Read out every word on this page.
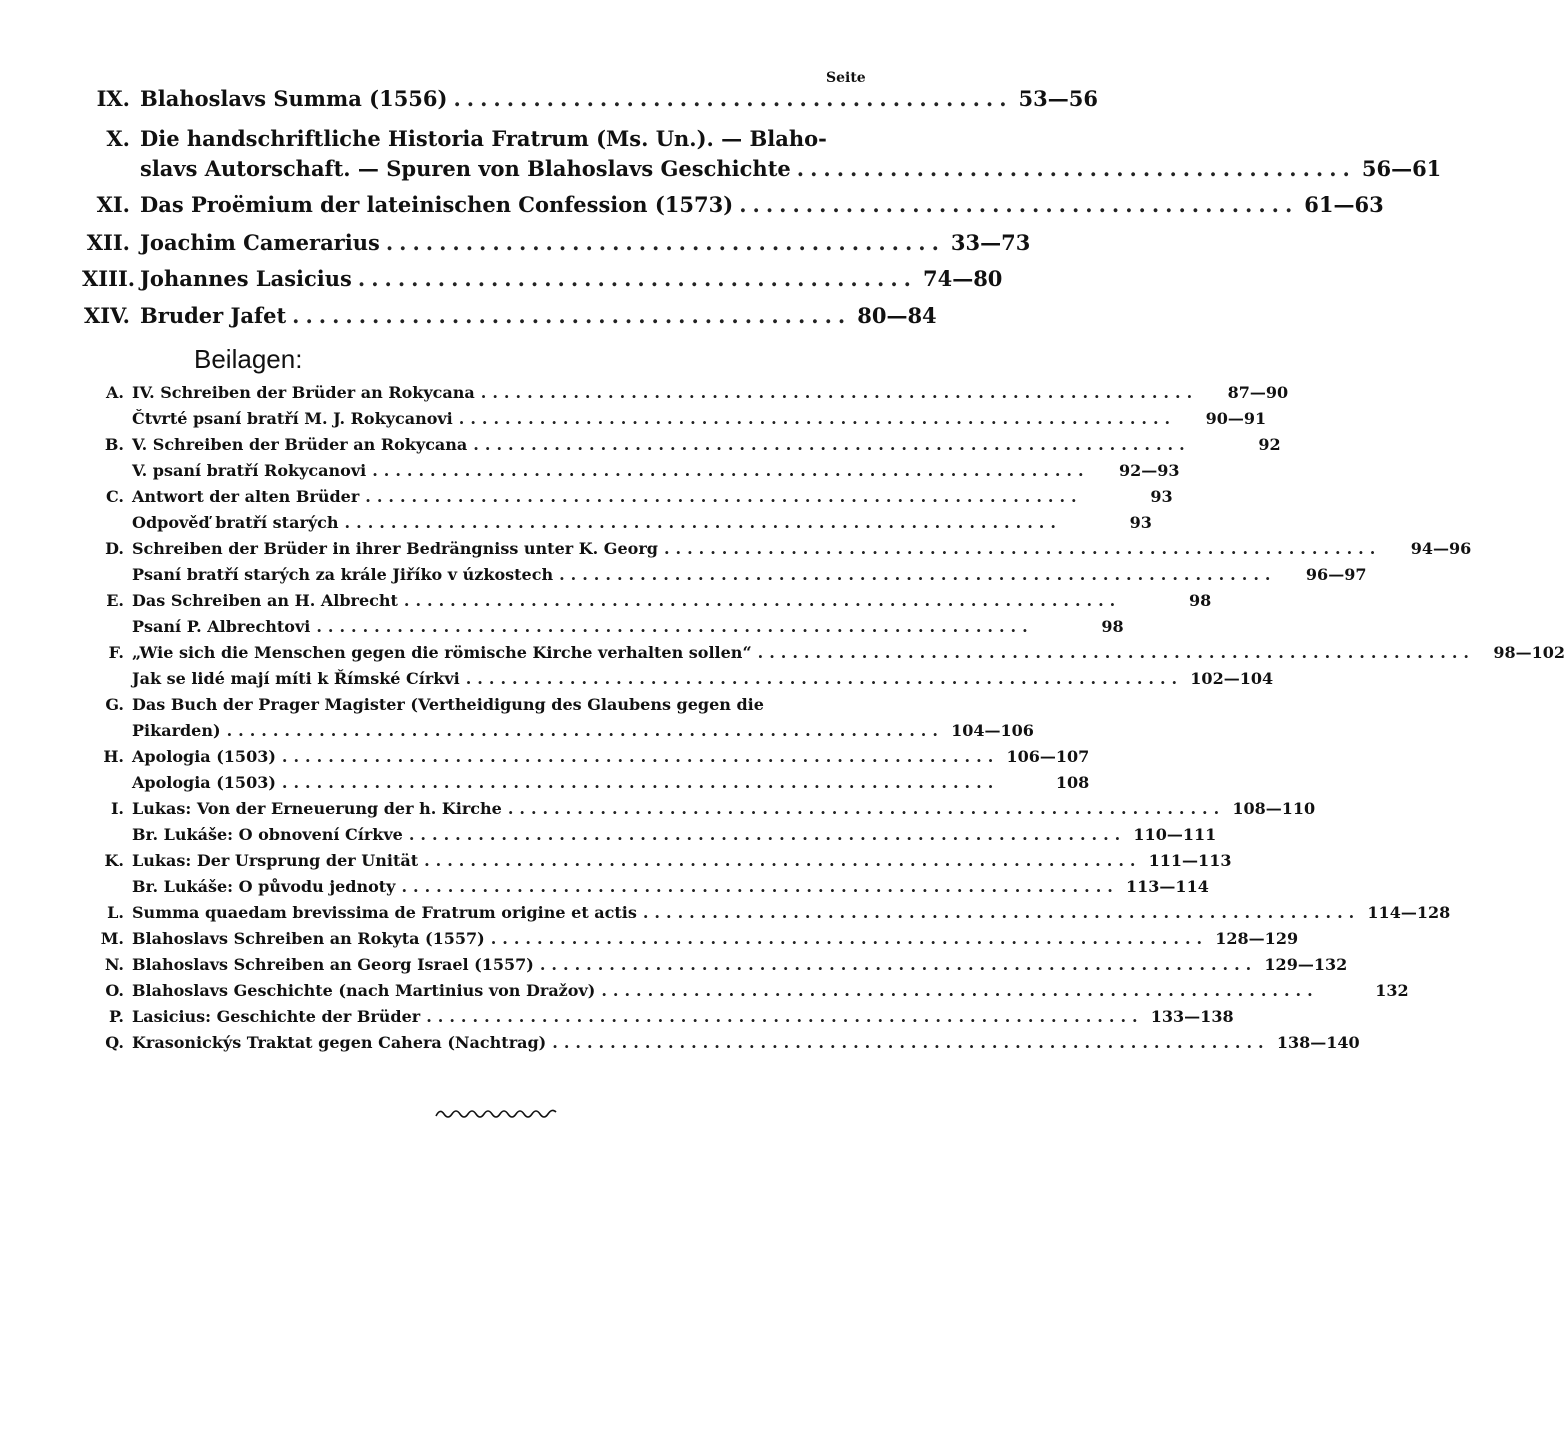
Seite
IX. Blahoslavs Summa (1556) .......................................... 53—56
X. Die handschriftliche Historia Fratrum (Ms. Un.). — Blaho-
slavs Autorschaft. — Spuren von Blahoslavs Geschichte .......................................... 56—61
XI. Das Proëmium der lateinischen Confession (1573) .......................................... 61—63
XII. Joachim Camerarius .......................................... 33—73
XIII. Johannes Lasicius .......................................... 74—80
XIV. Bruder Jafet .......................................... 80—84
Beilagen:
A. IV. Schreiben der Brüder an Rokycana ..............................................................	87—90
Čtvrté psaní bratří M. J. Rokycanovi ..............................................................	90—91
B. V. Schreiben der Brüder an Rokycana ..............................................................	92
V. psaní bratří Rokycanovi ..............................................................	92—93
C. Antwort der alten Brüder ..............................................................	93
Odpověď bratří starých ..............................................................	93
D. Schreiben der Brüder in ihrer Bedrängniss unter K. Georg ..............................................................	94—96
Psaní bratří starých za krále Jiříko v úzkostech ..............................................................	96—97
E. Das Schreiben an H. Albrecht ..............................................................	98
Psaní P. Albrechtovi ..............................................................	98
F. „Wie sich die Menschen gegen die römische Kirche verhalten sollen“ ..............................................................	98—102
Jak se lidé mají míti k Římské Církvi .............................................................. 102—104
G. Das Buch der Prager Magister (Vertheidigung des Glaubens gegen die
Pikarden) .............................................................. 104—106
H. Apologia (1503) .............................................................. 106—107
Apologia (1503) ..............................................................	108
I. Lukas: Von der Erneuerung der h. Kirche .............................................................. 108—110
Br. Lukáše: O obnovení Církve .............................................................. 110—111
K. Lukas: Der Ursprung der Unität .............................................................. 111—113
Br. Lukáše: O původu jednoty .............................................................. 113—114
L. Summa quaedam brevissima de Fratrum origine et actis .............................................................. 114—128
M. Blahoslavs Schreiben an Rokyta (1557) .............................................................. 128—129
N. Blahoslavs Schreiben an Georg Israel (1557) .............................................................. 129—132
O. Blahoslavs Geschichte (nach Martinius von Dražov) ..............................................................	132
P. Lasicius: Geschichte der Brüder .............................................................. 133—138
Q. Krasonickýs Traktat gegen Cahera (Nachtrag) .............................................................. 138—140
